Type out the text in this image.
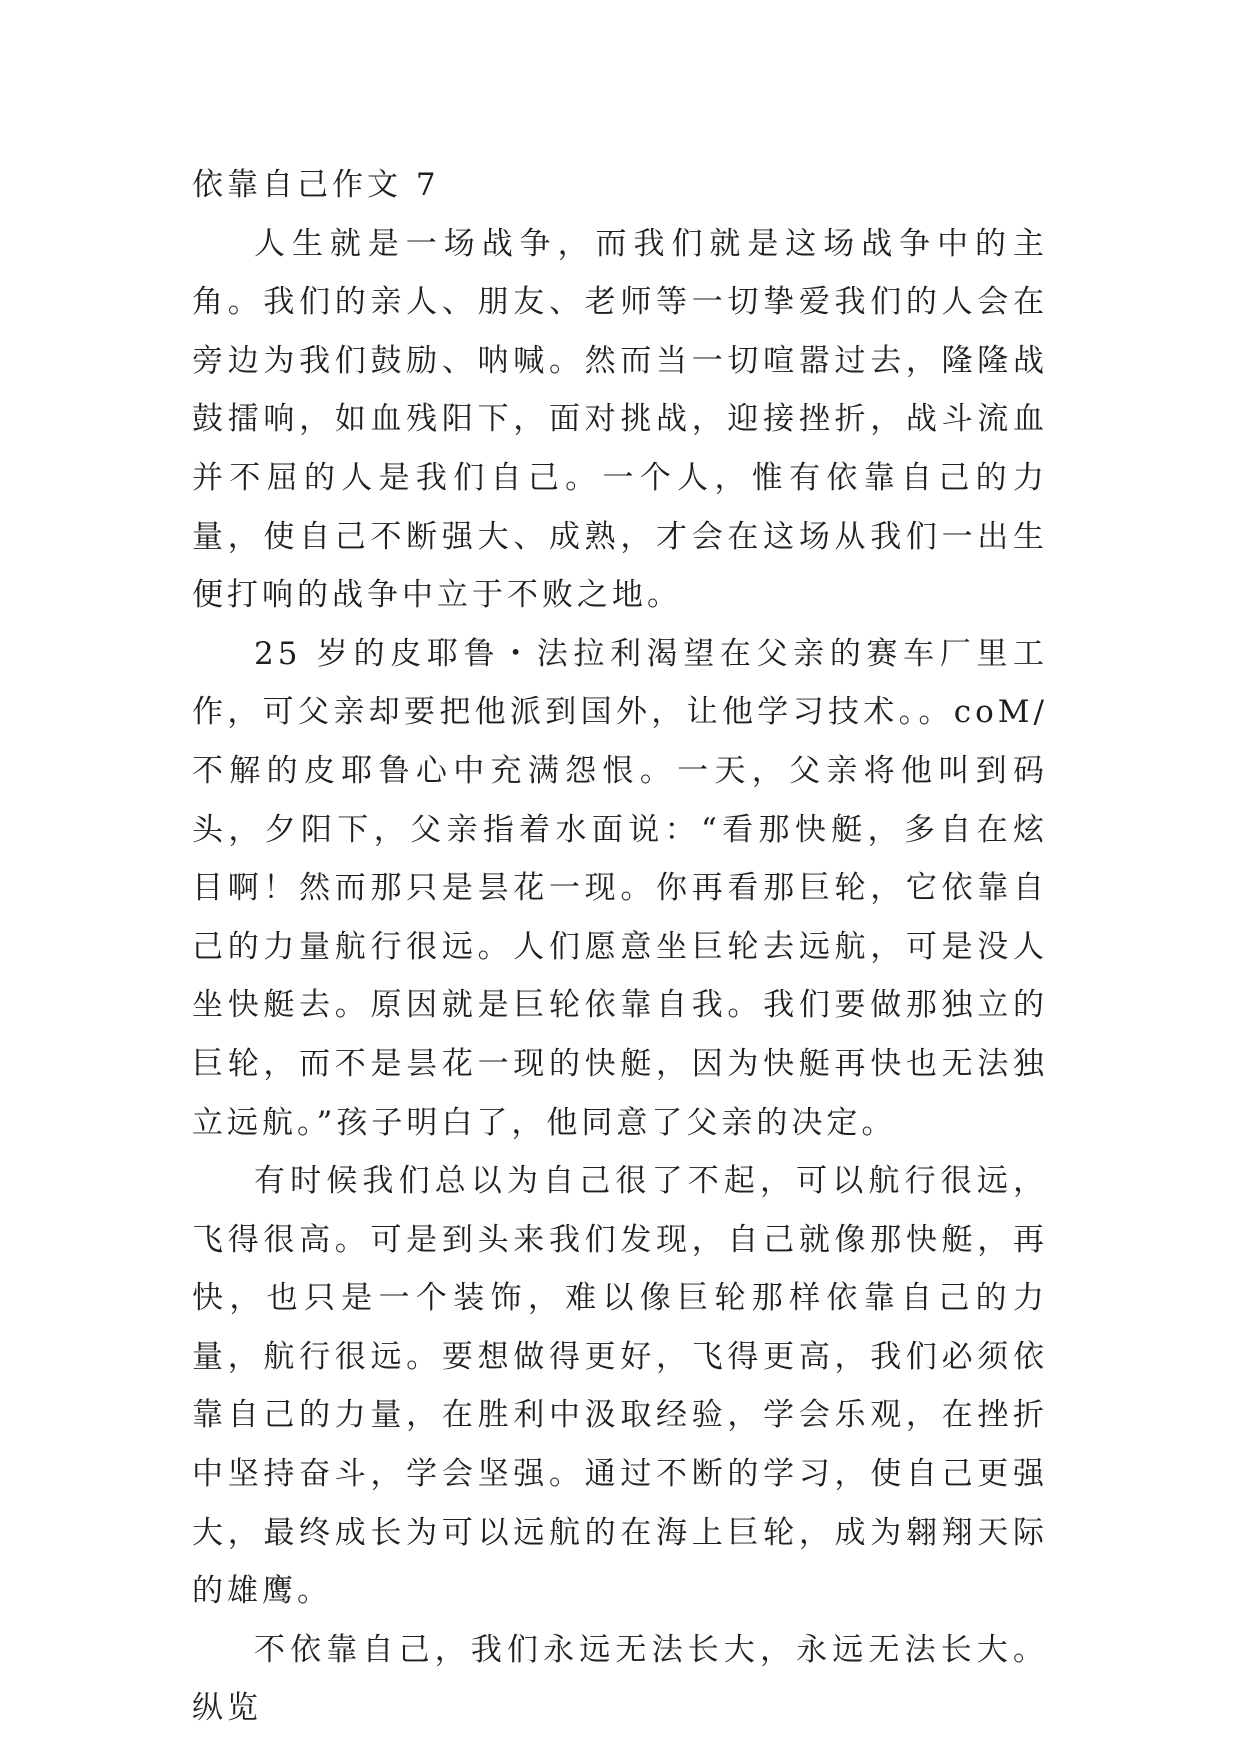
依靠自己作文 7

人生就是一场战争，而我们就是这场战争中的主角。我们的亲人、朋友、老师等一切挚爱我们的人会在旁边为我们鼓励、呐喊。然而当一切喧嚣过去，隆隆战鼓擂响，如血残阳下，面对挑战，迎接挫折，战斗流血并不屈的人是我们自己。一个人，惟有依靠自己的力量，使自己不断强大、成熟，才会在这场从我们一出生便打响的战争中立于不败之地。

25 岁的皮耶鲁・法拉利渴望在父亲的赛车厂里工作，可父亲却要把他派到国外，让他学习技术。。coM/不解的皮耶鲁心中充满怨恨。一天，父亲将他叫到码头，夕阳下，父亲指着水面说：“看那快艇，多自在炫目啊！然而那只是昙花一现。你再看那巨轮，它依靠自己的力量航行很远。人们愿意坐巨轮去远航，可是没人坐快艇去。原因就是巨轮依靠自我。我们要做那独立的巨轮，而不是昙花一现的快艇，因为快艇再快也无法独立远航。”孩子明白了，他同意了父亲的决定。

有时候我们总以为自己很了不起，可以航行很远，飞得很高。可是到头来我们发现，自己就像那快艇，再快，也只是一个装饰，难以像巨轮那样依靠自己的力量，航行很远。要想做得更好，飞得更高，我们必须依靠自己的力量，在胜利中汲取经验，学会乐观，在挫折中坚持奋斗，学会坚强。通过不断的学习，使自己更强大，最终成长为可以远航的在海上巨轮，成为翱翔天际的雄鹰。

不依靠自己，我们永远无法长大，永远无法长大。纵览
